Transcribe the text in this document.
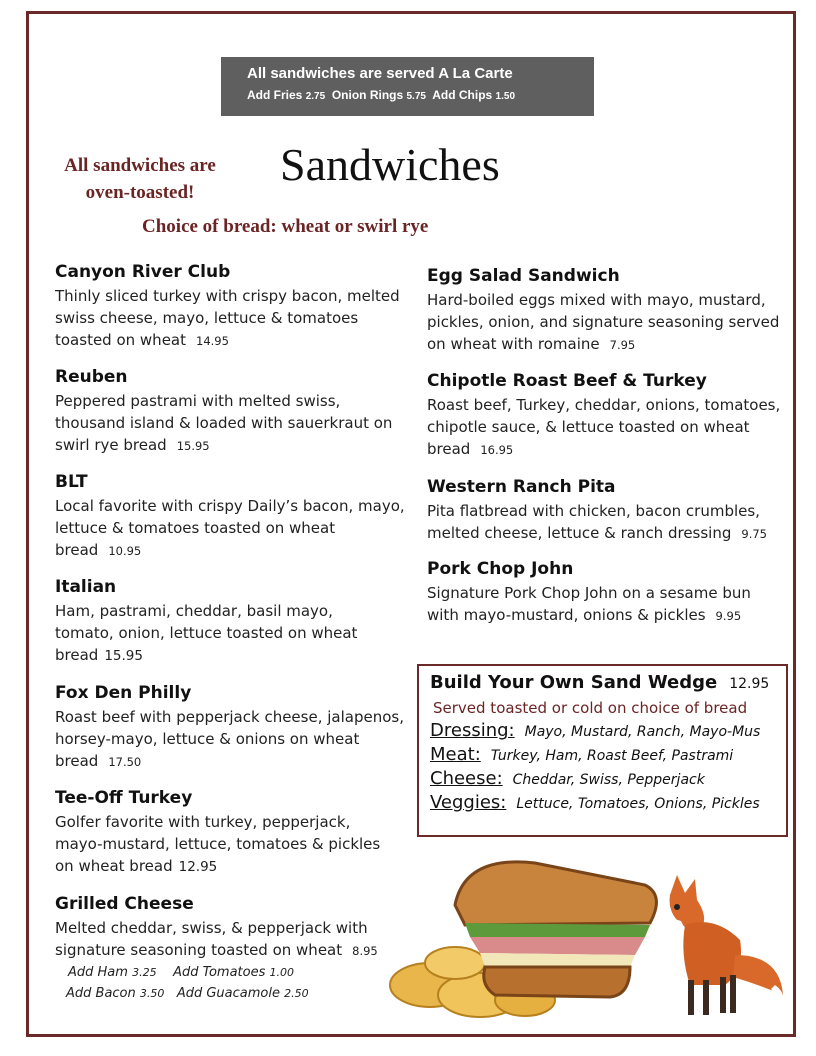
All sandwiches are served A La Carte
Add Fries 2.75 Onion Rings 5.75 Add Chips 1.50
Sandwiches
All sandwiches are
oven-toasted!
Choice of bread: wheat or swirl rye
Canyon River Club
Thinly sliced turkey with crispy bacon, melted swiss cheese, mayo, lettuce & tomatoes toasted on wheat 14.95
Reuben
Peppered pastrami with melted swiss, thousand island & loaded with sauerkraut on swirl rye bread 15.95
BLT
Local favorite with crispy Daily’s bacon, mayo, lettuce & tomatoes toasted on wheat bread 10.95
Italian
Ham, pastrami, cheddar, basil mayo, tomato, onion, lettuce toasted on wheat bread 15.95
Fox Den Philly
Roast beef with pepperjack cheese, jalapenos, horsey-mayo, lettuce & onions on wheat bread 17.50
Tee-Off Turkey
Golfer favorite with turkey, pepperjack, mayo-mustard, lettuce, tomatoes & pickles on wheat bread 12.95
Grilled Cheese
Melted cheddar, swiss, & pepperjack with signature seasoning toasted on wheat 8.95
Add Ham 3.25 Add Tomatoes 1.00
Add Bacon 3.50 Add Guacamole 2.50
Egg Salad Sandwich
Hard-boiled eggs mixed with mayo, mustard, pickles, onion, and signature seasoning served on wheat with romaine 7.95
Chipotle Roast Beef & Turkey
Roast beef, Turkey, cheddar, onions, tomatoes, chipotle sauce, & lettuce toasted on wheat bread 16.95
Western Ranch Pita
Pita flatbread with chicken, bacon crumbles, melted cheese, lettuce & ranch dressing 9.75
Pork Chop John
Signature Pork Chop John on a sesame bun with mayo-mustard, onions & pickles 9.95
Build Your Own Sand Wedge 12.95
Served toasted or cold on choice of bread
Dressing: Mayo, Mustard, Ranch, Mayo-Mus
Meat: Turkey, Ham, Roast Beef, Pastrami
Cheese: Cheddar, Swiss, Pepperjack
Veggies: Lettuce, Tomatoes, Onions, Pickles
